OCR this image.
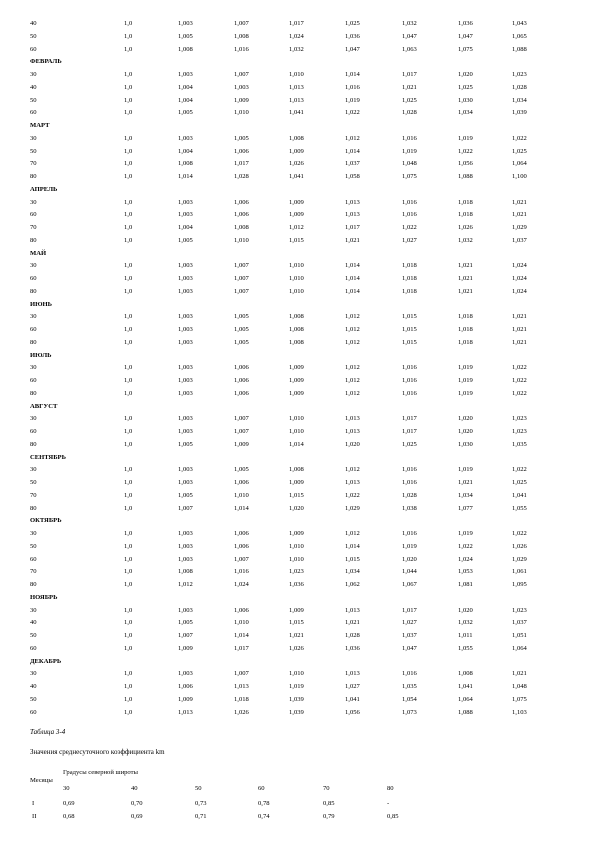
40	1,0	1,003	1,007	1,017	1,025	1,032	1,036	1,043
50	1,0	1,005	1,008	1,024	1,036	1,047	1,047	1,065
60	1,0	1,008	1,016	1,032	1,047	1,063	1,075	1,088
ФЕВРАЛЬ
30	1,0	1,003	1,007	1,010	1,014	1,017	1,020	1,023
40	1,0	1,004	1,003	1,013	1,016	1,021	1,025	1,028
50	1,0	1,004	1,009	1,013	1,019	1,025	1,030	1,034
60	1,0	1,005	1,010	1,041	1,022	1,028	1,034	1,039
МАРТ
30	1,0	1,003	1,005	1,008	1,012	1,016	1,019	1,022
50	1,0	1,004	1,006	1,009	1,014	1,019	1,022	1,025
70	1,0	1,008	1,017	1,026	1,037	1,048	1,056	1,064
80	1,0	1,014	1,028	1,041	1,058	1,075	1,088	1,100
АПРЕЛЬ
30	1,0	1,003	1,006	1,009	1,013	1,016	1,018	1,021
60	1,0	1,003	1,006	1,009	1,013	1,016	1,018	1,021
70	1,0	1,004	1,008	1,012	1,017	1,022	1,026	1,029
80	1,0	1,005	1,010	1,015	1,021	1,027	1,032	1,037
МАЙ
30	1,0	1,003	1,007	1,010	1,014	1,018	1,021	1,024
60	1,0	1,003	1,007	1,010	1,014	1,018	1,021	1,024
80	1,0	1,003	1,007	1,010	1,014	1,018	1,021	1,024
ИЮНЬ
30	1,0	1,003	1,005	1,008	1,012	1,015	1,018	1,021
60	1,0	1,003	1,005	1,008	1,012	1,015	1,018	1,021
80	1,0	1,003	1,005	1,008	1,012	1,015	1,018	1,021
ИЮЛЬ
30	1,0	1,003	1,006	1,009	1,012	1,016	1,019	1,022
60	1,0	1,003	1,006	1,009	1,012	1,016	1,019	1,022
80	1,0	1,003	1,006	1,009	1,012	1,016	1,019	1,022
АВГУСТ
30	1,0	1,003	1,007	1,010	1,013	1,017	1,020	1,023
60	1,0	1,003	1,007	1,010	1,013	1,017	1,020	1,023
80	1,0	1,005	1,009	1,014	1,020	1,025	1,030	1,035
СЕНТЯБРЬ
30	1,0	1,003	1,005	1,008	1,012	1,016	1,019	1,022
50	1,0	1,003	1,006	1,009	1,013	1,016	1,021	1,025
70	1,0	1,005	1,010	1,015	1,022	1,028	1,034	1,041
80	1,0	1,007	1,014	1,020	1,029	1,038	1,077	1,055
ОКТЯБРЬ
30	1,0	1,003	1,006	1,009	1,012	1,016	1,019	1,022
50	1,0	1,003	1,006	1,010	1,014	1,019	1,022	1,026
60	1,0	1,003	1,007	1,010	1,015	1,020	1,024	1,029
70	1,0	1,008	1,016	1,023	1,034	1,044	1,053	1,061
80	1,0	1,012	1,024	1,036	1,062	1,067	1,081	1,095
НОЯБРЬ
30	1,0	1,003	1,006	1,009	1,013	1,017	1,020	1,023
40	1,0	1,005	1,010	1,015	1,021	1,027	1,032	1,037
50	1,0	1,007	1,014	1,021	1,028	1,037	1,011	1,051
60	1,0	1,009	1,017	1,026	1,036	1,047	1,055	1,064
ДЕКАБРЬ
30	1,0	1,003	1,007	1,010	1,013	1,016	1,008	1,021
40	1,0	1,006	1,013	1,019	1,027	1,035	1,041	1,048
50	1,0	1,009	1,018	1,039	1,041	1,054	1,064	1,075
60	1,0	1,013	1,026	1,039	1,056	1,073	1,088	1,103
Таблица 3-4
Значения среднесуточного коэффициента km
Градусы северной широты
Месяцы
30	40	50	60	70	80
I	0,69	0,70	0,73	0,78	0,85	-
II	0,68	0,69	0,71	0,74	0,79	0,85
